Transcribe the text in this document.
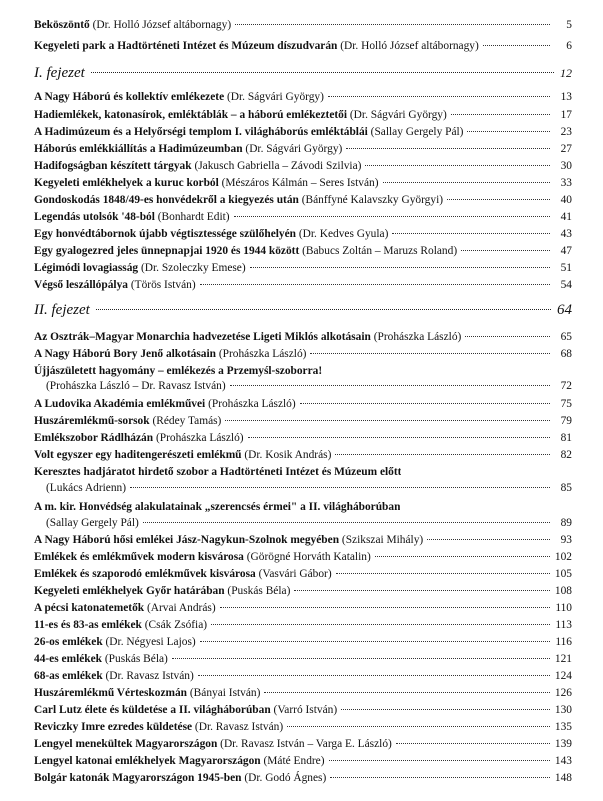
Beköszöntő (Dr. Holló József altábornagy)	5
Kegyeleti park a Hadtörténeti Intézet és Múzeum díszudvarán (Dr. Holló József altábornagy)	6
I. fejezet	12
A Nagy Háború és kollektív emlékezete (Dr. Ságvári György)	13
Hadiemlékek, katonasírok, emléktáblák – a háború emlékeztetői (Dr. Ságvári György)	17
A Hadimúzeum és a Helyőrségi templom I. világháborús emléktáblái (Sallay Gergely Pál)	23
Háborús emlékkiállítás a Hadimúzeumban (Dr. Ságvári György)	27
Hadifogságban készített tárgyak (Jakusch Gabriella – Závodi Szilvia)	30
Kegyeleti emlékhelyek a kuruc korból (Mészáros Kálmán – Seres István)	33
Gondoskodás 1848/49-es honvédekről a kiegyezés után (Bánffyné Kalavszky Györgyi)	40
Legendás utolsók '48-ból (Bonhardt Edit)	41
Egy honvédtábornok újabb végtisztessége szülőhelyén (Dr. Kedves Gyula)	43
Egy gyalogezred jeles ünnepnapjai 1920 és 1944 között (Babucs Zoltán – Maruzs Roland)	47
Légimódi lovagiasság (Dr. Szoleczky Emese)	51
Végső leszállópálya (Törös István)	54
II. fejezet	64
Az Osztrák–Magyar Monarchia hadvezetése Ligeti Miklós alkotásain (Prohászka László)	65
A Nagy Háború Bory Jenő alkotásain (Prohászka László)	68
Újjászületett hagyomány – emlékezés a Przemyśl-szoborra!
(Prohászka László – Dr. Ravasz István)	72
A Ludovika Akadémia emlékművei (Prohászka László)	75
Huszáremlékmű-sorsok (Rédey Tamás)	79
Emlékszobor Rádlházán (Prohászka László)	81
Volt egyszer egy haditengerészeti emlékmű (Dr. Kosik András)	82
Keresztes hadjáratot hirdető szobor a Hadtörténeti Intézet és Múzeum előtt
(Lukács Adrienn)	85
A m. kir. Honvédség alakulatainak „szerencsés érmei" a II. világháborúban
(Sallay Gergely Pál)	89
A Nagy Háború hősi emlékei Jász-Nagykun-Szolnok megyében (Szikszai Mihály)	93
Emlékek és emlékművek modern kisvárosa (Görögné Horváth Katalin)	102
Emlékek és szaporodó emlékművek kisvárosa (Vasvári Gábor)	105
Kegyeleti emlékhelyek Győr határában (Puskás Béla)	108
A pécsi katonatemetők (Arvai András)	110
11-es és 83-as emlékek (Csák Zsófia)	113
26-os emlékek (Dr. Négyesi Lajos)	116
44-es emlékek (Puskás Béla)	121
68-as emlékek (Dr. Ravasz István)	124
Huszáremlékmű Vérteskozmán (Bányai István)	126
Carl Lutz élete és küldetése a II. világháborúban (Varró István)	130
Reviczky Imre ezredes küldetése (Dr. Ravasz István)	135
Lengyel menekültek Magyarországon (Dr. Ravasz István – Varga E. László)	139
Lengyel katonai emlékhelyek Magyarországon (Máté Endre)	143
Bolgár katonák Magyarországon 1945-ben (Dr. Godó Ágnes)	148
